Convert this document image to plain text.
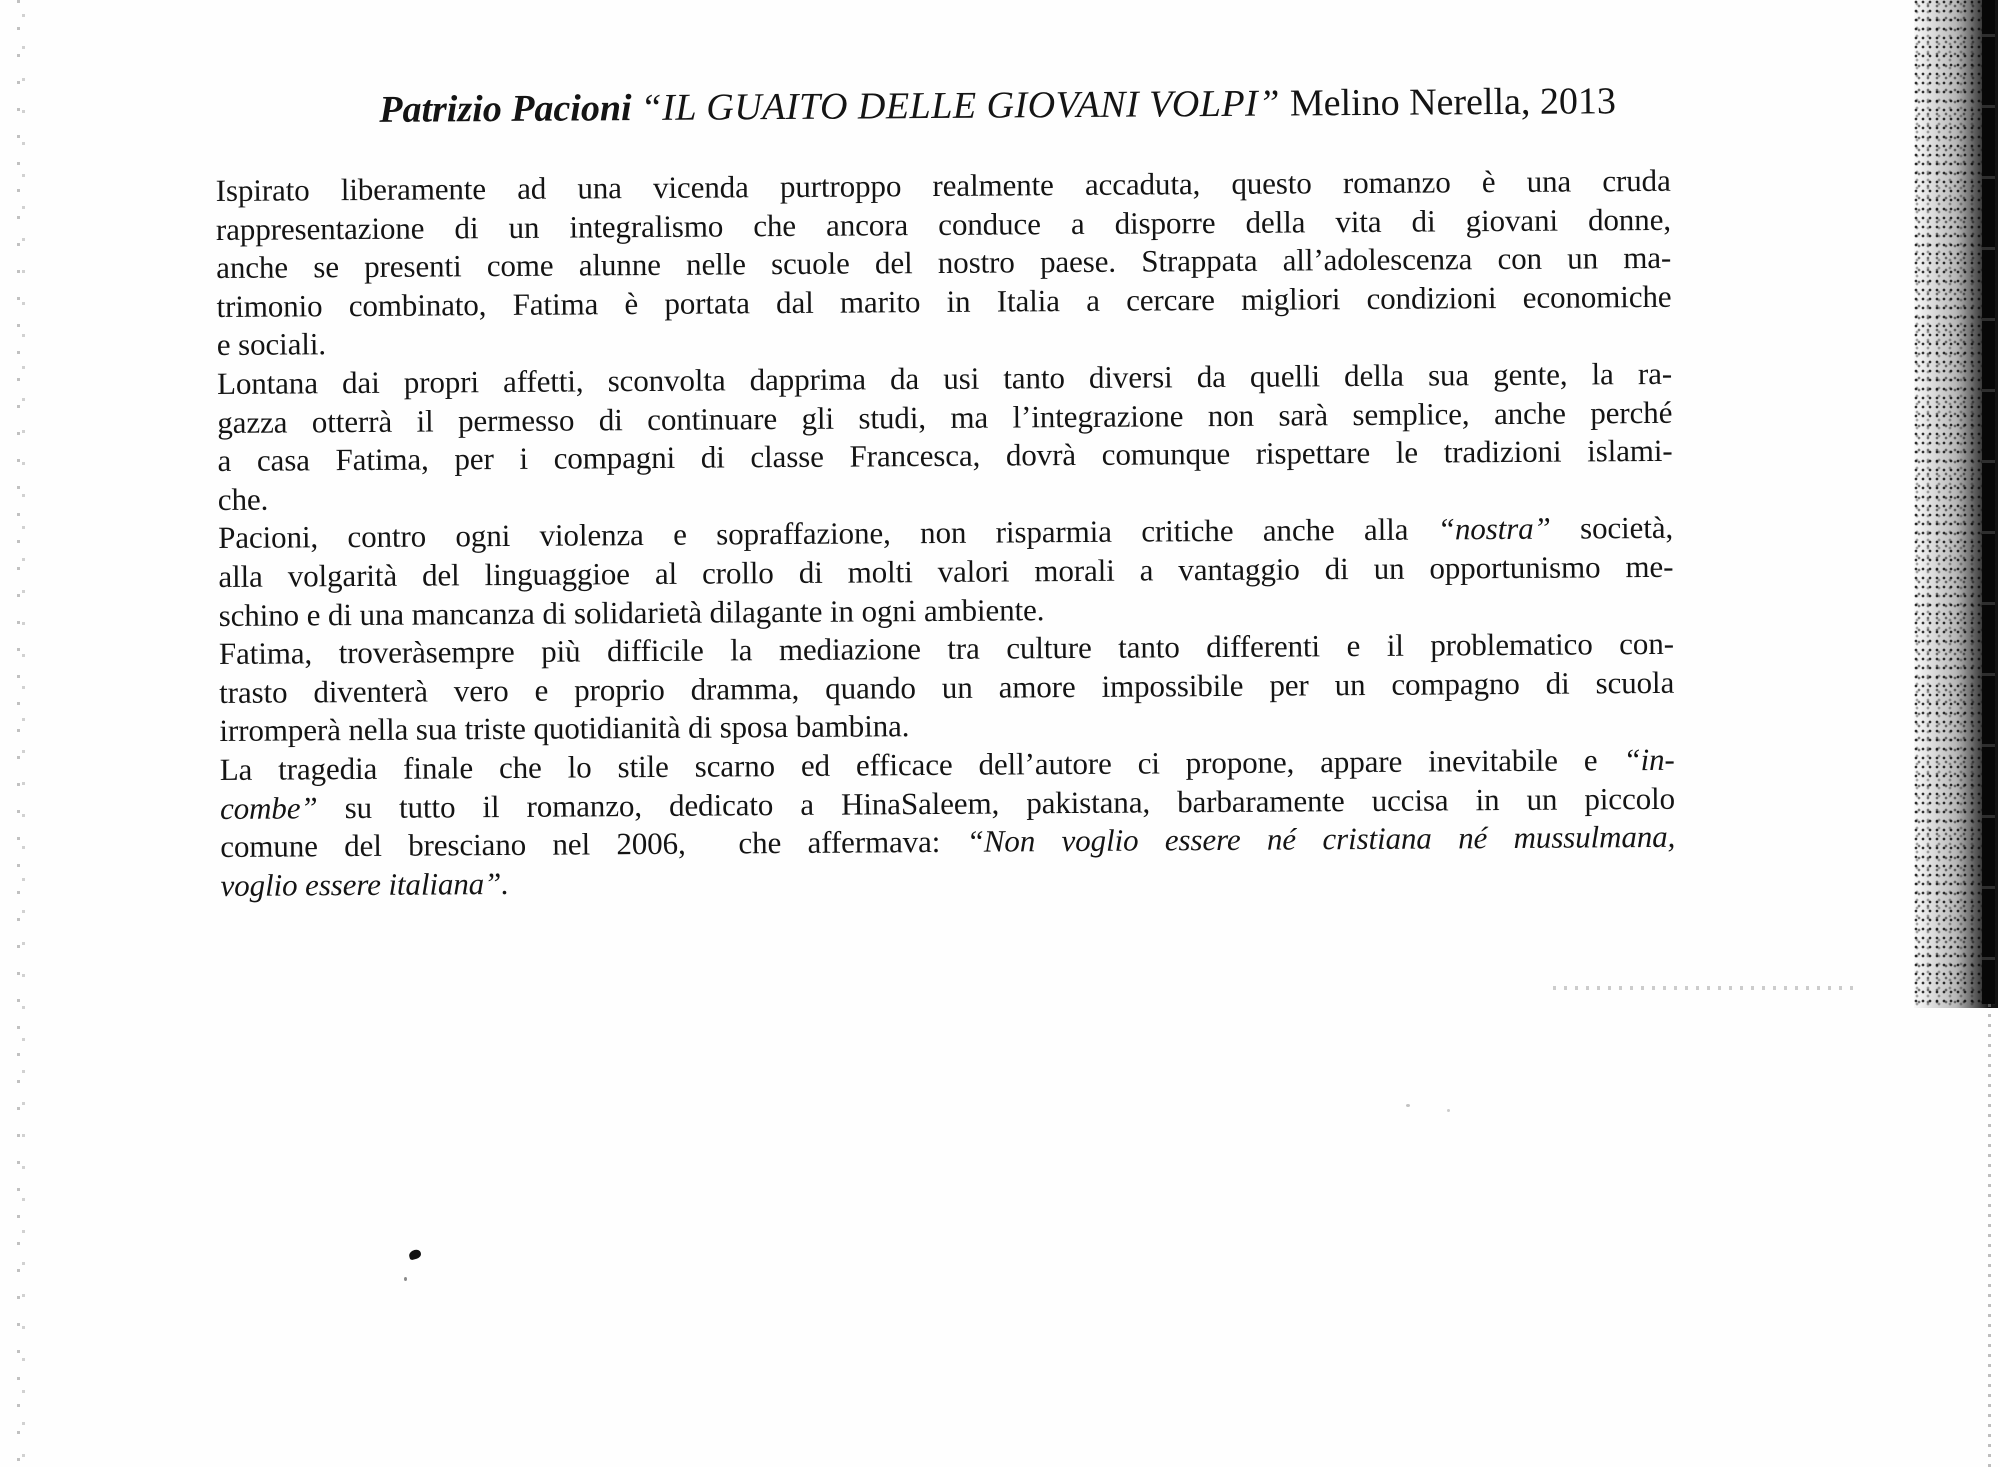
Patrizio Pacioni “IL GUAITO DELLE GIOVANI VOLPI” Melino Nerella, 2013
Ispirato liberamente ad una vicenda purtroppo realmente accaduta, questo romanzo è una cruda
rappresentazione di un integralismo che ancora conduce a disporre della vita di giovani donne,
anche se presenti come alunne nelle scuole del nostro paese. Strappata all’adolescenza con un ma-
trimonio combinato, Fatima è portata dal marito in Italia a cercare migliori condizioni economiche
e sociali.
Lontana dai propri affetti, sconvolta dapprima da usi tanto diversi da quelli della sua gente, la ra-
gazza otterrà il permesso di continuare gli studi, ma l’integrazione non sarà semplice, anche perché
a casa Fatima, per i compagni di classe Francesca, dovrà comunque rispettare le tradizioni islami-
che.
Pacioni, contro ogni violenza e sopraffazione, non risparmia critiche anche alla “nostra” società,
alla volgarità del linguaggioe al crollo di molti valori morali a vantaggio di un opportunismo me-
schino e di una mancanza di solidarietà dilagante in ogni ambiente.
Fatima, troveràsempre più difficile la mediazione tra culture tanto differenti e il problematico con-
trasto diventerà vero e proprio dramma, quando un amore impossibile per un compagno di scuola
irromperà nella sua triste quotidianità di sposa bambina.
La tragedia finale che lo stile scarno ed efficace dell’autore ci propone, appare inevitabile e “in-
combe” su tutto il romanzo, dedicato a HinaSaleem, pakistana, barbaramente uccisa in un piccolo
comune del bresciano nel 2006,  che affermava: “Non voglio essere né cristiana né mussulmana,
voglio essere italiana”.
